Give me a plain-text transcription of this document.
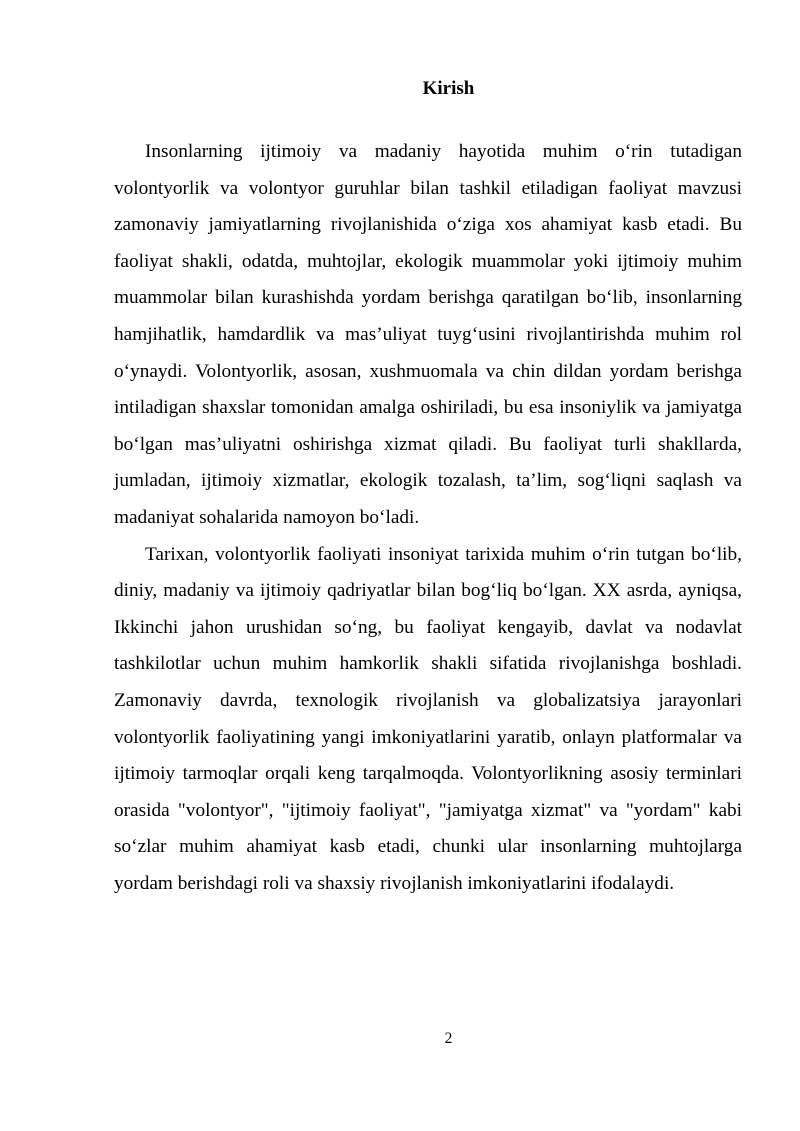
Kirish

Insonlarning ijtimoiy va madaniy hayotida muhim o‘rin tutadigan volontyorlik va volontyor guruhlar bilan tashkil etiladigan faoliyat mavzusi zamonaviy jamiyatlarning rivojlanishida o‘ziga xos ahamiyat kasb etadi. Bu faoliyat shakli, odatda, muhtojlar, ekologik muammolar yoki ijtimoiy muhim muammolar bilan kurashishda yordam berishga qaratilgan bo‘lib, insonlarning hamjihatlik, hamdardlik va mas’uliyat tuyg‘usini rivojlantirishda muhim rol o‘ynaydi. Volontyorlik, asosan, xushmuomala va chin dildan yordam berishga intiladigan shaxslar tomonidan amalga oshiriladi, bu esa insoniylik va jamiyatga bo‘lgan mas’uliyatni oshirishga xizmat qiladi. Bu faoliyat turli shakllarda, jumladan, ijtimoiy xizmatlar, ekologik tozalash, ta’lim, sog‘liqni saqlash va madaniyat sohalarida namoyon bo‘ladi.

Tarixan, volontyorlik faoliyati insoniyat tarixida muhim o‘rin tutgan bo‘lib, diniy, madaniy va ijtimoiy qadriyatlar bilan bog‘liq bo‘lgan. XX asrda, ayniqsa, Ikkinchi jahon urushidan so‘ng, bu faoliyat kengayib, davlat va nodavlat tashkilotlar uchun muhim hamkorlik shakli sifatida rivojlanishga boshladi. Zamonaviy davrda, texnologik rivojlanish va globalizatsiya jarayonlari volontyorlik faoliyatining yangi imkoniyatlarini yaratib, onlayn platformalar va ijtimoiy tarmoqlar orqali keng tarqalmoqda. Volontyorlikning asosiy terminlari orasida "volontyor", "ijtimoiy faoliyat", "jamiyatga xizmat" va "yordam" kabi so‘zlar muhim ahamiyat kasb etadi, chunki ular insonlarning muhtojlarga yordam berishdagi roli va shaxsiy rivojlanish imkoniyatlarini ifodalaydi.

2
